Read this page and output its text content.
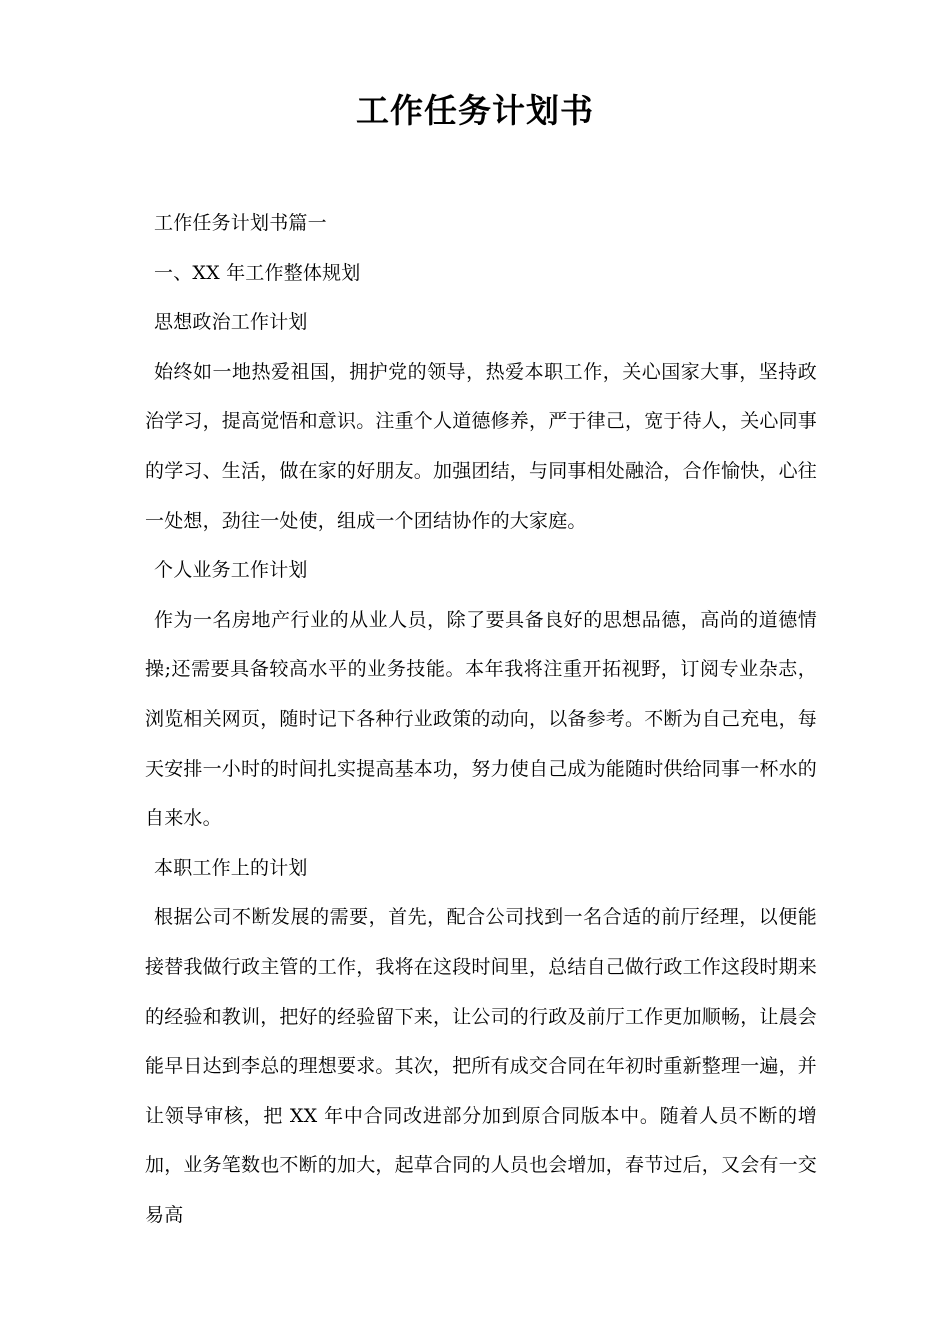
工作任务计划书

工作任务计划书篇一

一、XX 年工作整体规划

思想政治工作计划

始终如一地热爱祖国，拥护党的领导，热爱本职工作，关心国家大事，坚持政治学习，提高觉悟和意识。注重个人道德修养，严于律己，宽于待人，关心同事的学习、生活，做在家的好朋友。加强团结，与同事相处融洽，合作愉快，心往一处想，劲往一处使，组成一个团结协作的大家庭。

个人业务工作计划

作为一名房地产行业的从业人员，除了要具备良好的思想品德，高尚的道德情操;还需要具备较高水平的业务技能。本年我将注重开拓视野，订阅专业杂志，浏览相关网页，随时记下各种行业政策的动向，以备参考。不断为自己充电，每天安排一小时的时间扎实提高基本功，努力使自己成为能随时供给同事一杯水的自来水。

本职工作上的计划

根据公司不断发展的需要，首先，配合公司找到一名合适的前厅经理，以便能接替我做行政主管的工作，我将在这段时间里，总结自己做行政工作这段时期来的经验和教训，把好的经验留下来，让公司的行政及前厅工作更加顺畅，让晨会能早日达到李总的理想要求。其次，把所有成交合同在年初时重新整理一遍，并让领导审核，把 XX 年中合同改进部分加到原合同版本中。随着人员不断的增加，业务笔数也不断的加大，起草合同的人员也会增加，春节过后，又会有一交易高
